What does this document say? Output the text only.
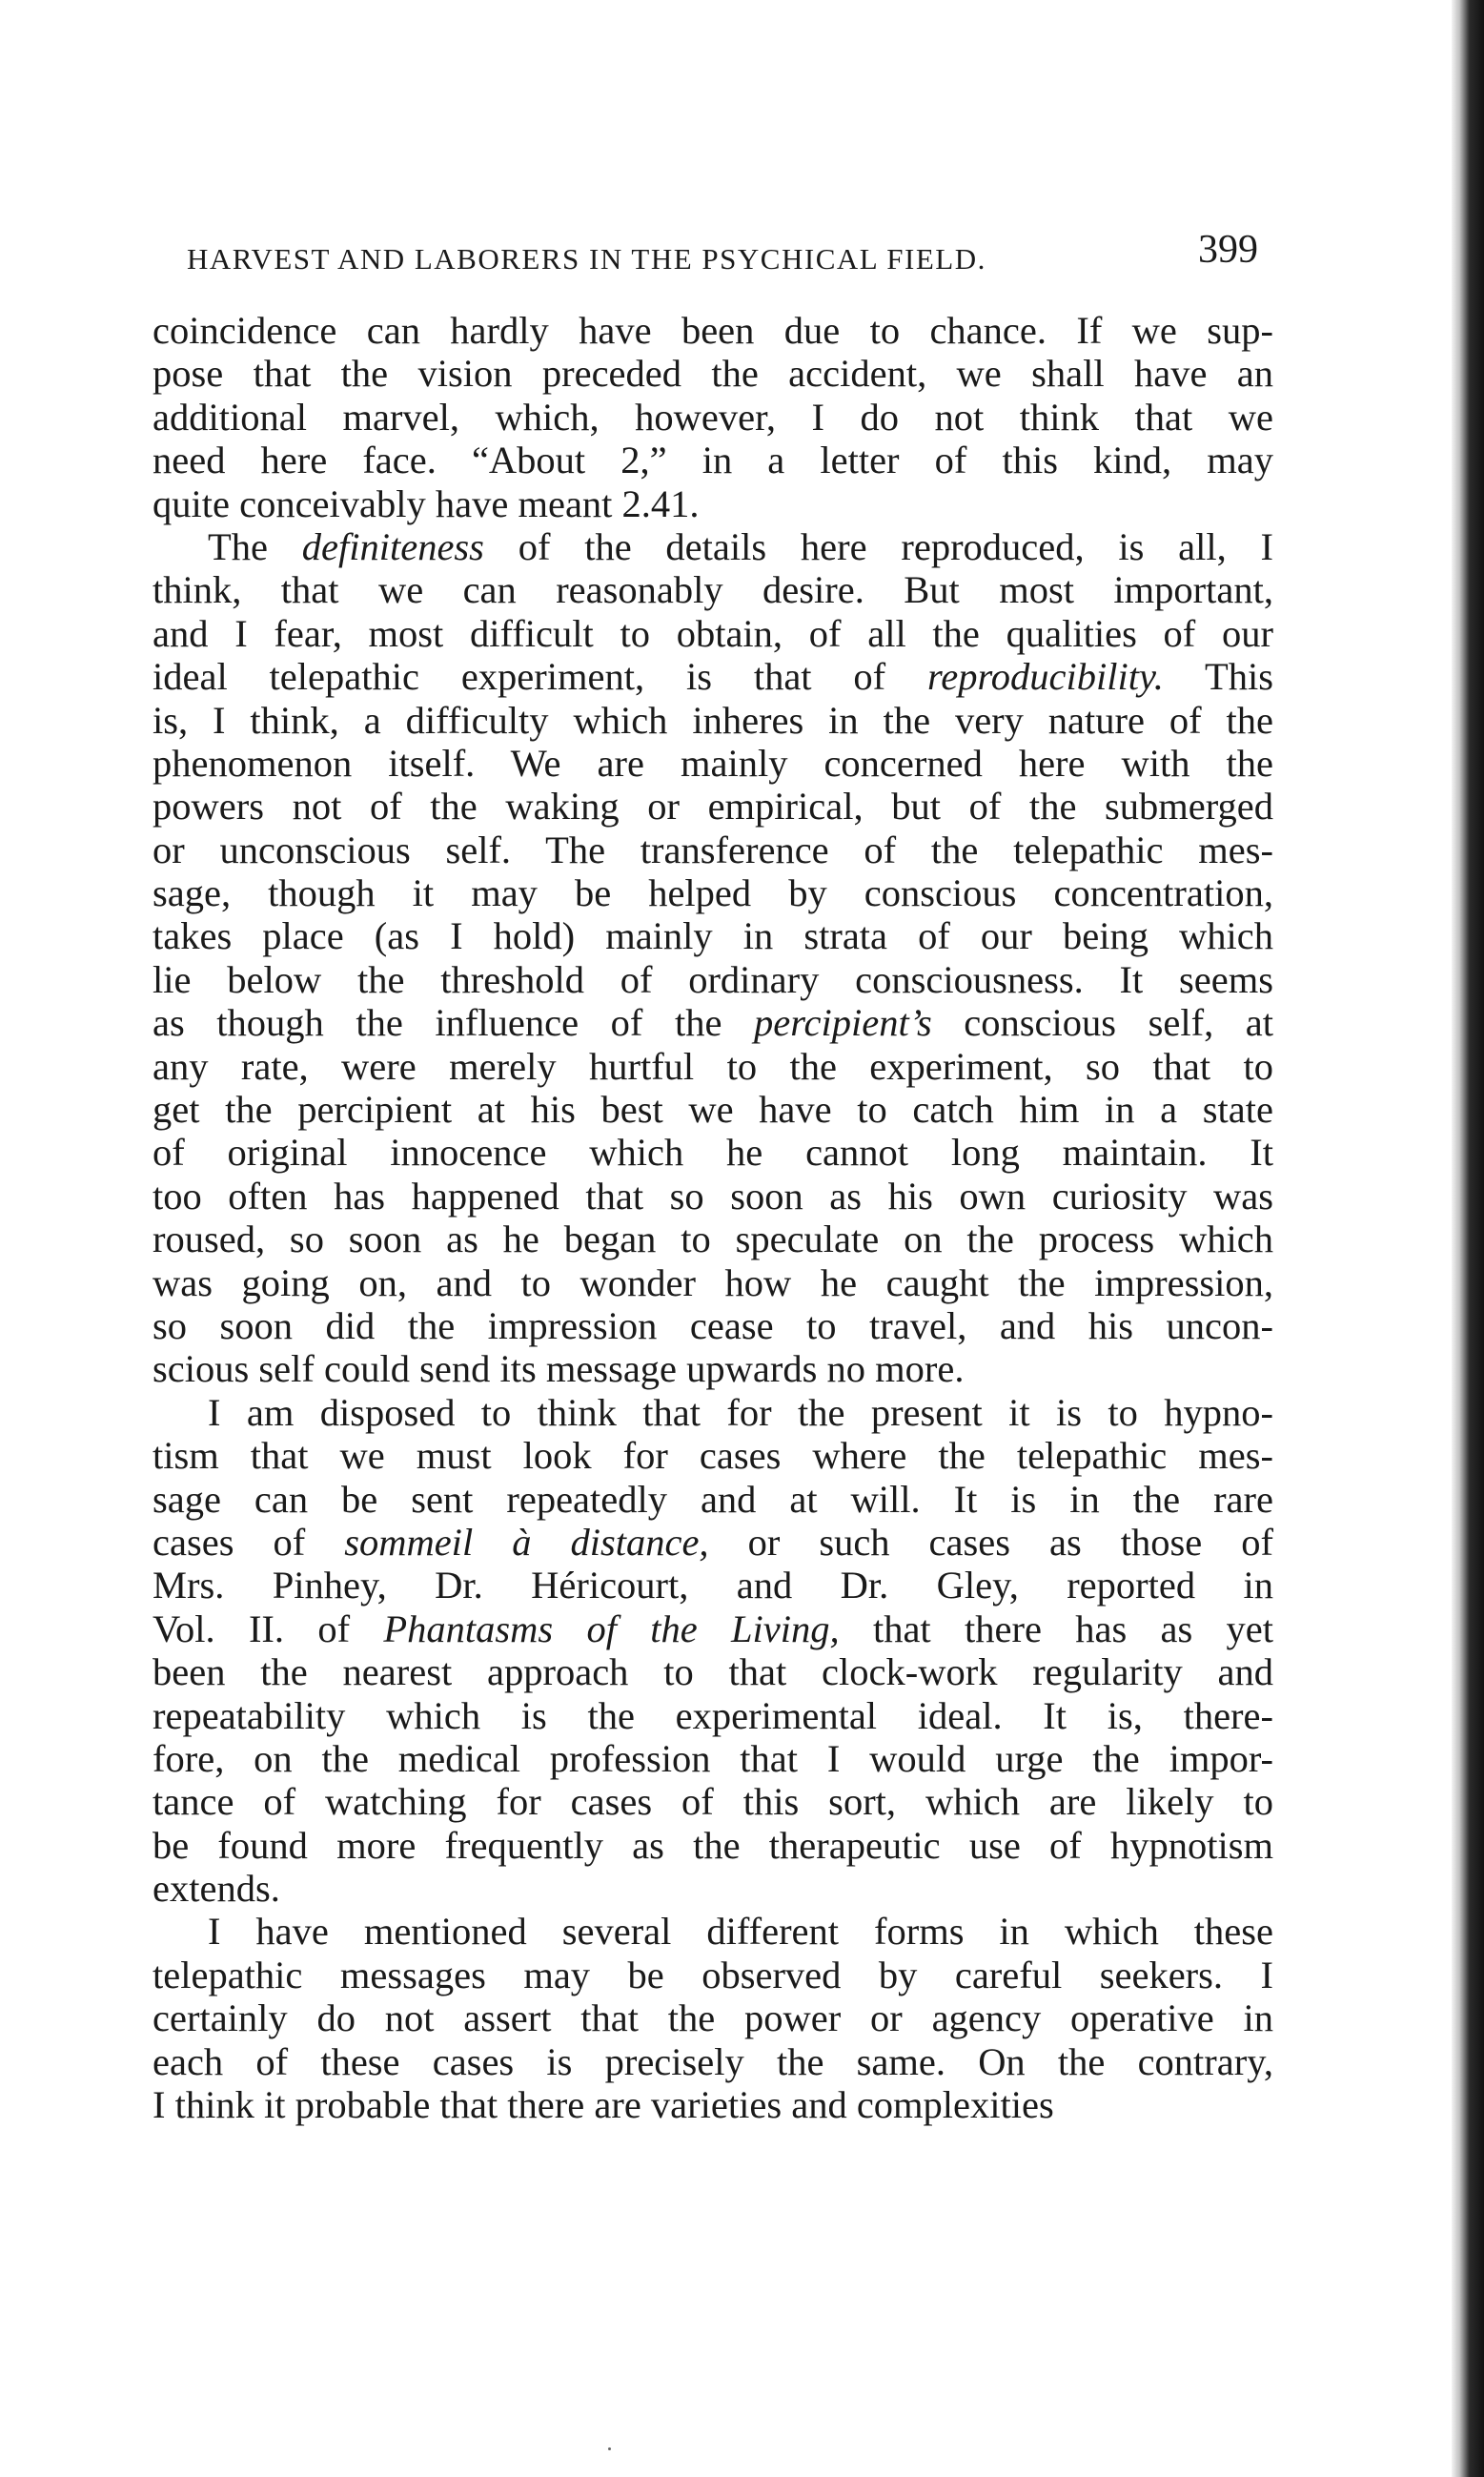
HARVEST AND LABORERS IN THE PSYCHICAL FIELD.	399
coincidence can hardly have been due to chance. If we sup-
pose that the vision preceded the accident, we shall have an
additional marvel, which, however, I do not think that we
need here face. “About 2,” in a letter of this kind, may
quite conceivably have meant 2.41.
The definiteness of the details here reproduced, is all, I
think, that we can reasonably desire. But most important,
and I fear, most difficult to obtain, of all the qualities of our
ideal telepathic experiment, is that of reproducibility. This
is, I think, a difficulty which inheres in the very nature of the
phenomenon itself. We are mainly concerned here with the
powers not of the waking or empirical, but of the submerged
or unconscious self. The transference of the telepathic mes-
sage, though it may be helped by conscious concentration,
takes place (as I hold) mainly in strata of our being which
lie below the threshold of ordinary consciousness. It seems
as though the influence of the percipient’s conscious self, at
any rate, were merely hurtful to the experiment, so that to
get the percipient at his best we have to catch him in a state
of original innocence which he cannot long maintain. It
too often has happened that so soon as his own curiosity was
roused, so soon as he began to speculate on the process which
was going on, and to wonder how he caught the impression,
so soon did the impression cease to travel, and his uncon-
scious self could send its message upwards no more.
I am disposed to think that for the present it is to hypno-
tism that we must look for cases where the telepathic mes-
sage can be sent repeatedly and at will. It is in the rare
cases of sommeil à distance, or such cases as those of
Mrs. Pinhey, Dr. Héricourt, and Dr. Gley, reported in
Vol. II. of Phantasms of the Living, that there has as yet
been the nearest approach to that clock-work regularity and
repeatability which is the experimental ideal. It is, there-
fore, on the medical profession that I would urge the impor-
tance of watching for cases of this sort, which are likely to
be found more frequently as the therapeutic use of hypnotism
extends.
I have mentioned several different forms in which these
telepathic messages may be observed by careful seekers. I
certainly do not assert that the power or agency operative in
each of these cases is precisely the same. On the contrary,
I think it probable that there are varieties and complexities
